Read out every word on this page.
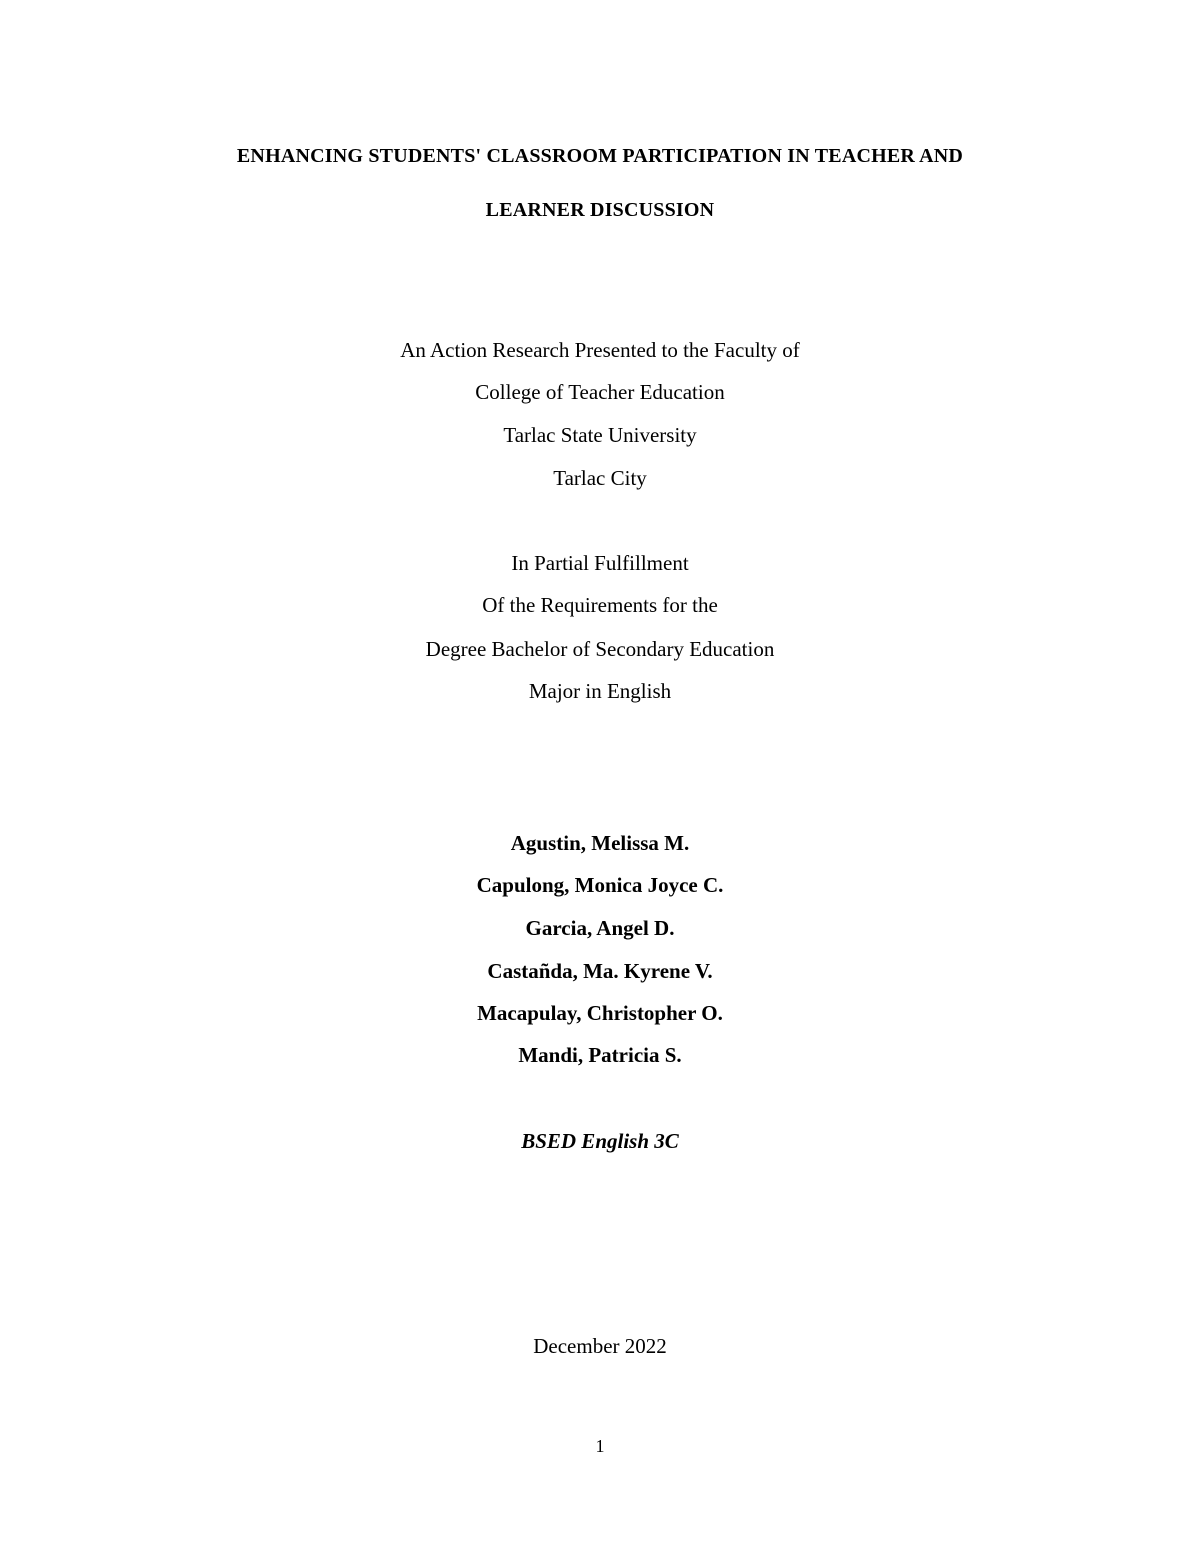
ENHANCING STUDENTS' CLASSROOM PARTICIPATION IN TEACHER AND
LEARNER DISCUSSION
An Action Research Presented to the Faculty of
College of Teacher Education
Tarlac State University
Tarlac City
In Partial Fulfillment
Of the Requirements for the
Degree Bachelor of Secondary Education
Major in English
Agustin, Melissa M.
Capulong, Monica Joyce C.
Garcia, Angel D.
Castañda, Ma. Kyrene V.
Macapulay, Christopher O.
Mandi, Patricia S.
BSED English 3C
December 2022
1
